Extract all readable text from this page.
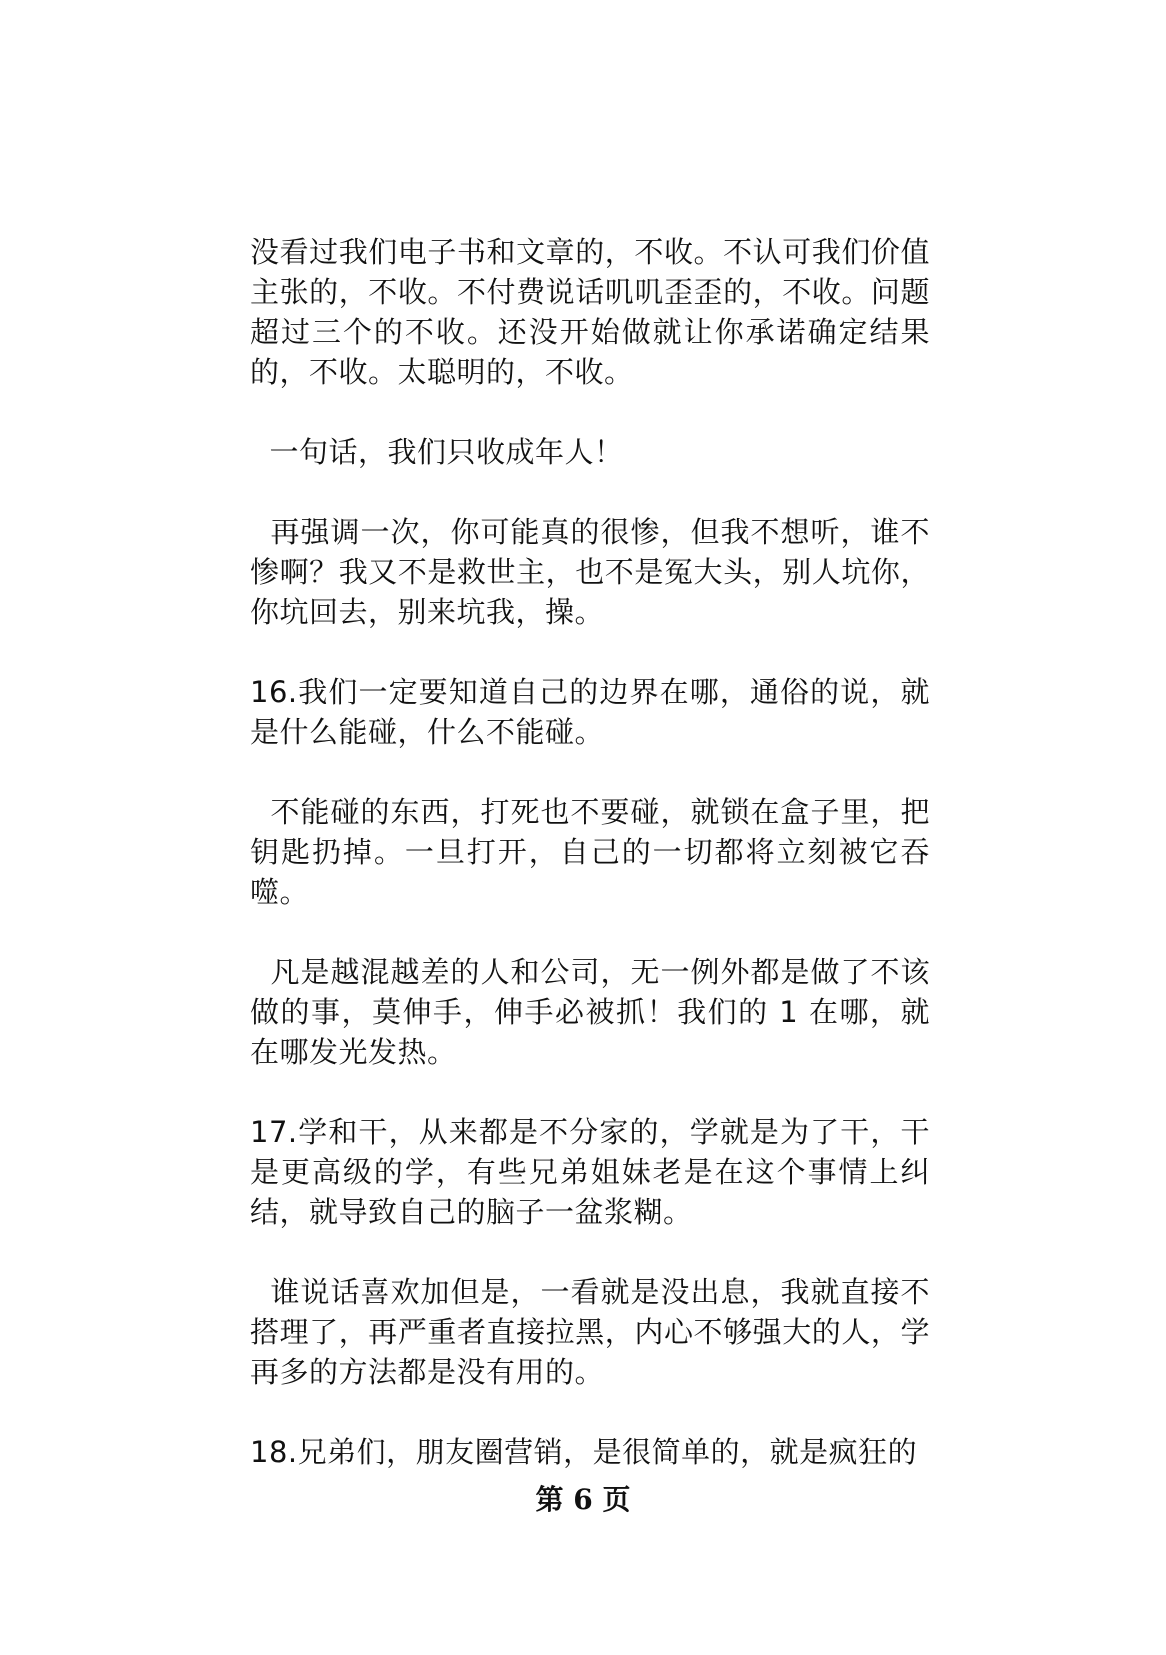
没看过我们电子书和文章的，不收。不认可我们价值主张的，不收。不付费说话叽叽歪歪的，不收。问题超过三个的不收。还没开始做就让你承诺确定结果的，不收。太聪明的，不收。

一句话，我们只收成年人！

再强调一次，你可能真的很惨，但我不想听，谁不惨啊？我又不是救世主，也不是冤大头，别人坑你，你坑回去，别来坑我，操。

16.我们一定要知道自己的边界在哪，通俗的说，就是什么能碰，什么不能碰。

不能碰的东西，打死也不要碰，就锁在盒子里，把钥匙扔掉。一旦打开，自己的一切都将立刻被它吞噬。

凡是越混越差的人和公司，无一例外都是做了不该做的事，莫伸手，伸手必被抓！我们的 1 在哪，就在哪发光发热。

17.学和干，从来都是不分家的，学就是为了干，干是更高级的学，有些兄弟姐妹老是在这个事情上纠结，就导致自己的脑子一盆浆糊。

谁说话喜欢加但是，一看就是没出息，我就直接不搭理了，再严重者直接拉黑，内心不够强大的人，学再多的方法都是没有用的。

18.兄弟们，朋友圈营销，是很简单的，就是疯狂的

第 6 页
